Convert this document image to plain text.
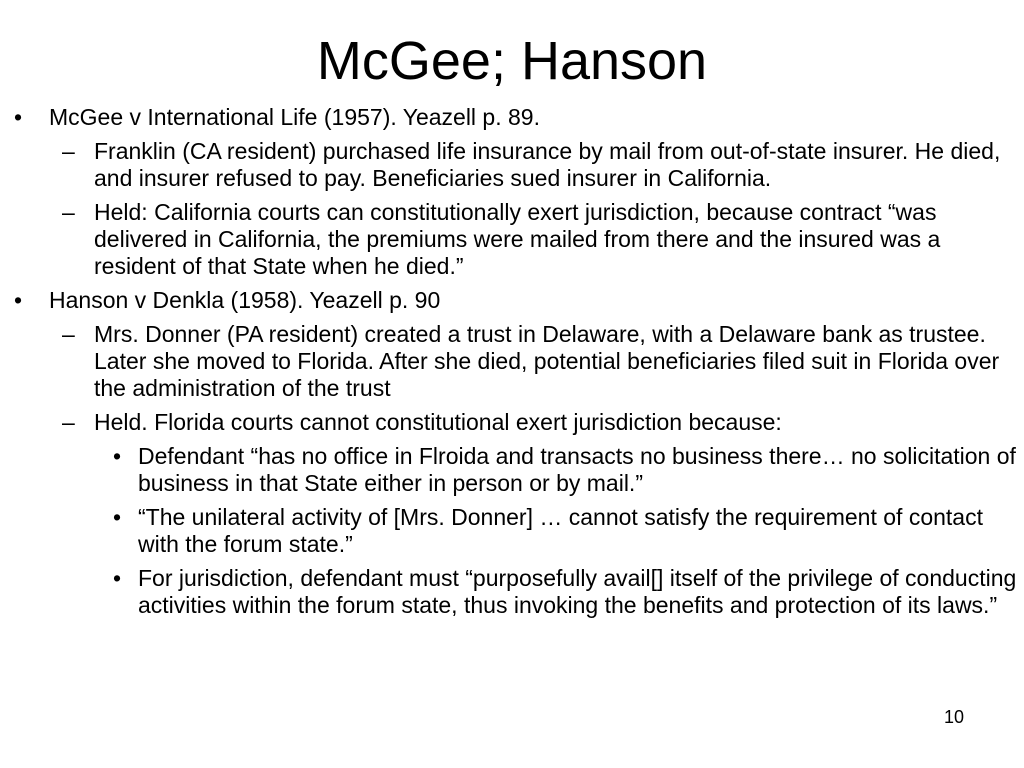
McGee; Hanson
• McGee v International Life (1957). Yeazell p. 89.
– Franklin (CA resident) purchased life insurance by mail from out-of-state insurer. He died, and insurer refused to pay. Beneficiaries sued insurer in California.
– Held: California courts can constitutionally exert jurisdiction, because contract “was delivered in California, the premiums were mailed from there and the insured was a resident of that State when he died.”
• Hanson v Denkla (1958). Yeazell p. 90
– Mrs. Donner (PA resident) created a trust in Delaware, with a Delaware bank as trustee. Later she moved to Florida. After she died, potential beneficiaries filed suit in Florida over the administration of the trust
– Held. Florida courts cannot constitutional exert jurisdiction because:
• Defendant “has no office in Flroida and transacts no business there… no solicitation of business in that State either in person or by mail.”
• “The unilateral activity of [Mrs. Donner] … cannot satisfy the requirement of contact with the forum state.”
• For jurisdiction, defendant must “purposefully avail[] itself of the privilege of conducting activities within the forum state, thus invoking the benefits and protection of its laws.”
10
